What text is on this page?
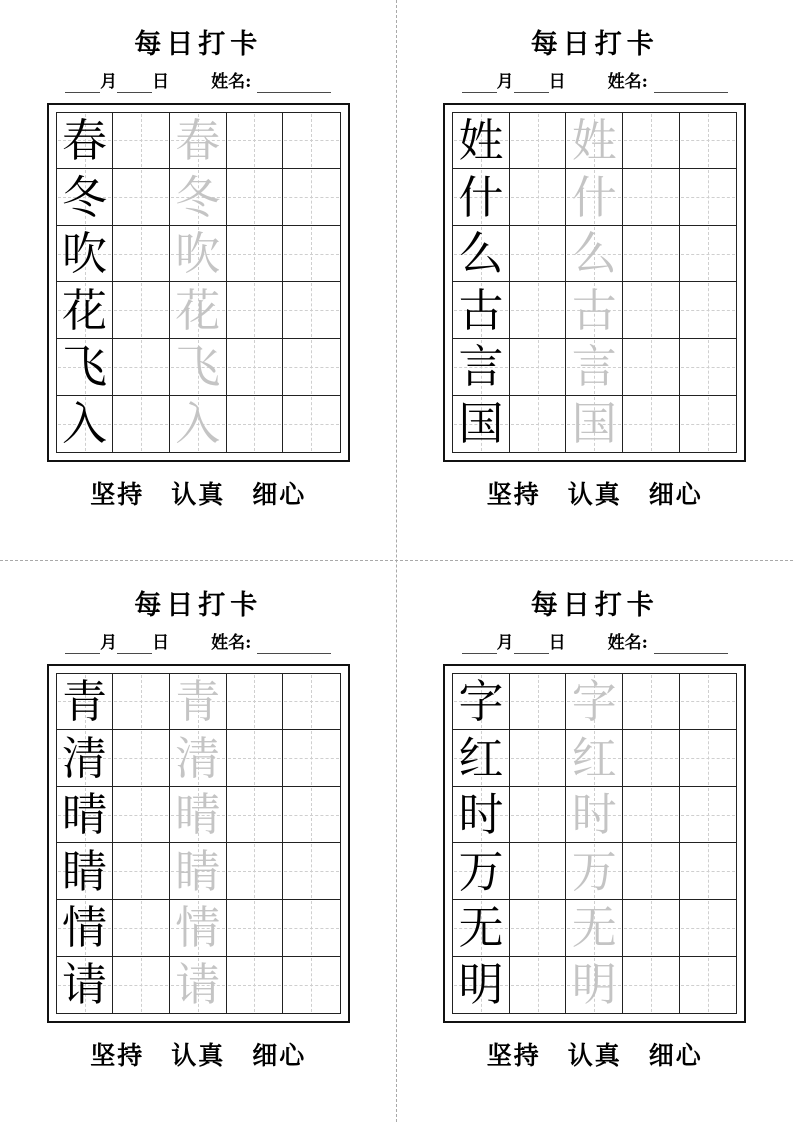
每日打卡
月 日 姓名:
春 春
冬 冬
吹 吹
花 花
飞 飞
入 入
坚持 认真 细心
每日打卡
月 日 姓名:
姓 姓
什 什
么 么
古 古
言 言
国 国
坚持 认真 细心
每日打卡
月 日 姓名:
青 青
清 清
晴 晴
睛 睛
情 情
请 请
坚持 认真 细心
每日打卡
月 日 姓名:
字 字
红 红
时 时
万 万
无 无
明 明
坚持 认真 细心
